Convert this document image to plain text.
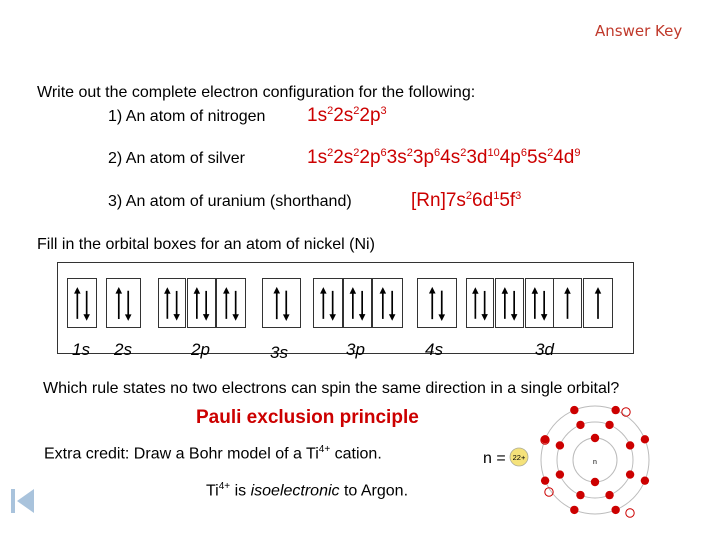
Answer Key
Write out the complete electron configuration for the following:
1) An atom of nitrogen $1s^22s^22p^3$
2) An atom of silver	$1s^22s^22p^63s^23p^64s^23d^{10}4p^65s^24d^9$
3) An atom of uranium (shorthand)	$[Rn]7s^26d^15f^3$
Fill in the orbital boxes for an atom of nickel (Ni)
1s 2s	2p	3s	3p	4s	3d
Which rule states no two electrons can spin the same direction in a single orbital?
Pauli exclusion principle
Extra credit: Draw a Bohr model of a $Ti^{4+}$ cation.
$Ti^{4+}$ is isoelectronic to Argon.
n =	n
22+
